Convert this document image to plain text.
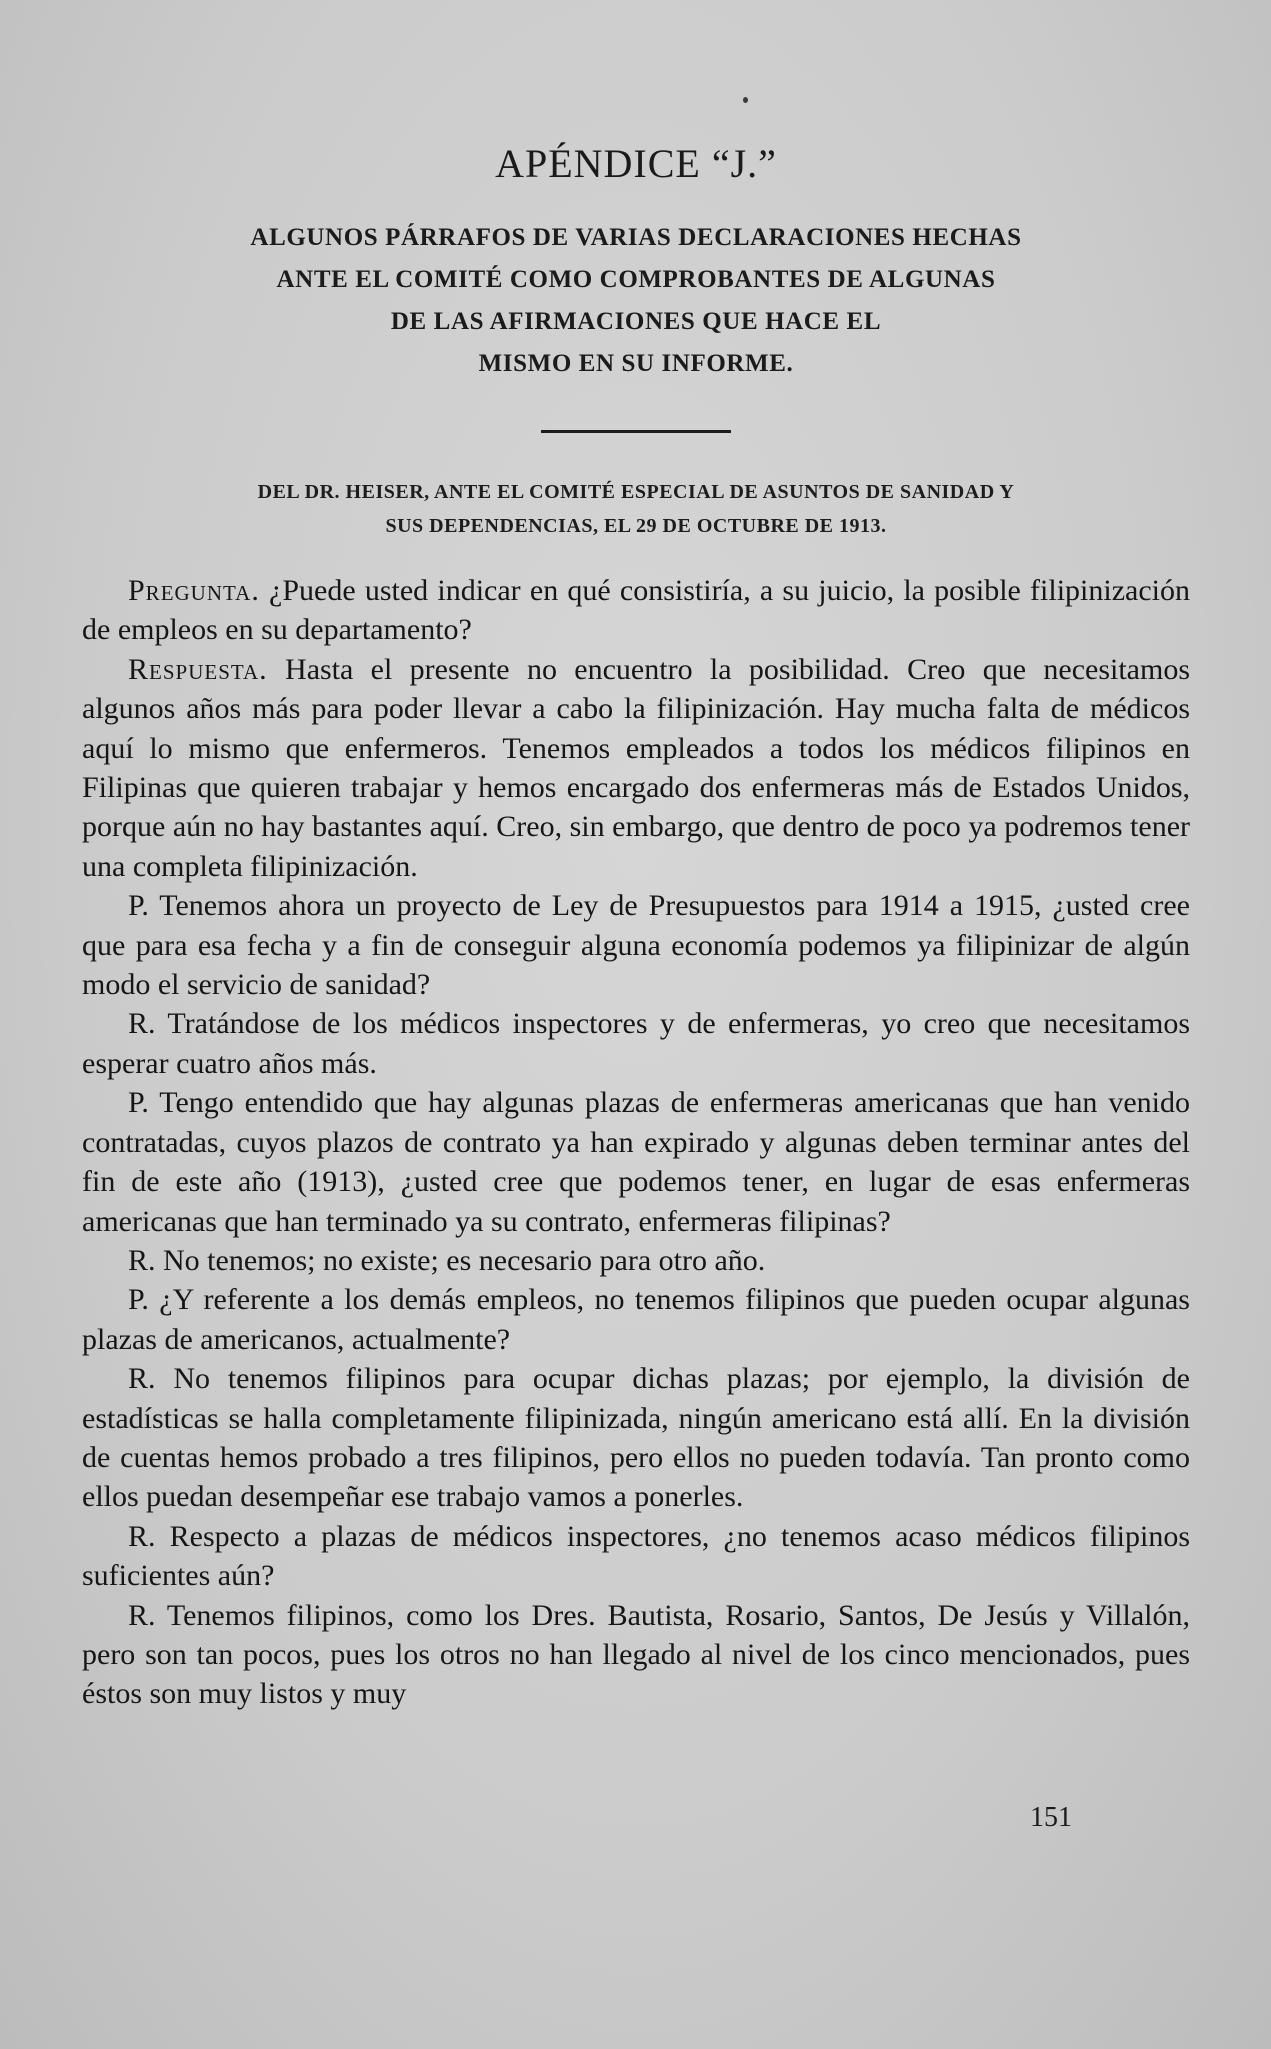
APÉNDICE “J.”
ALGUNOS PÁRRAFOS DE VARIAS DECLARACIONES HECHAS
ANTE EL COMITÉ COMO COMPROBANTES DE ALGUNAS
DE LAS AFIRMACIONES QUE HACE EL
MISMO EN SU INFORME.
DEL DR. HEISER, ANTE EL COMITÉ ESPECIAL DE ASUNTOS DE SANIDAD Y
SUS DEPENDENCIAS, EL 29 DE OCTUBRE DE 1913.

Pregunta. ¿Puede usted indicar en qué consistiría, a su juicio, la posible filipinización de empleos en su departamento?

Respuesta. Hasta el presente no encuentro la posibilidad. Creo que necesitamos algunos años más para poder llevar a cabo la filipinización. Hay mucha falta de médicos aquí lo mismo que enfermeros. Tenemos empleados a todos los médicos filipinos en Filipinas que quieren trabajar y hemos encargado dos enfermeras más de Estados Unidos, porque aún no hay bastantes aquí. Creo, sin embargo, que dentro de poco ya podremos tener una completa filipinización.

P. Tenemos ahora un proyecto de Ley de Presupuestos para 1914 a 1915, ¿usted cree que para esa fecha y a fin de conseguir alguna economía podemos ya filipinizar de algún modo el servicio de sanidad?

R. Tratándose de los médicos inspectores y de enfermeras, yo creo que necesitamos esperar cuatro años más.

P. Tengo entendido que hay algunas plazas de enfermeras americanas que han venido contratadas, cuyos plazos de contrato ya han expirado y algunas deben terminar antes del fin de este año (1913), ¿usted cree que podemos tener, en lugar de esas enfermeras americanas que han terminado ya su contrato, enfermeras filipinas?

R. No tenemos; no existe; es necesario para otro año.

P. ¿Y referente a los demás empleos, no tenemos filipinos que pueden ocupar algunas plazas de americanos, actualmente?

R. No tenemos filipinos para ocupar dichas plazas; por ejemplo, la división de estadísticas se halla completamente filipinizada, ningún americano está allí. En la división de cuentas hemos probado a tres filipinos, pero ellos no pueden todavía. Tan pronto como ellos puedan desempeñar ese trabajo vamos a ponerles.

R. Respecto a plazas de médicos inspectores, ¿no tenemos acaso médicos filipinos suficientes aún?

R. Tenemos filipinos, como los Dres. Bautista, Rosario, Santos, De Jesús y Villalón, pero son tan pocos, pues los otros no han llegado al nivel de los cinco mencionados, pues éstos son muy listos y muy

151
